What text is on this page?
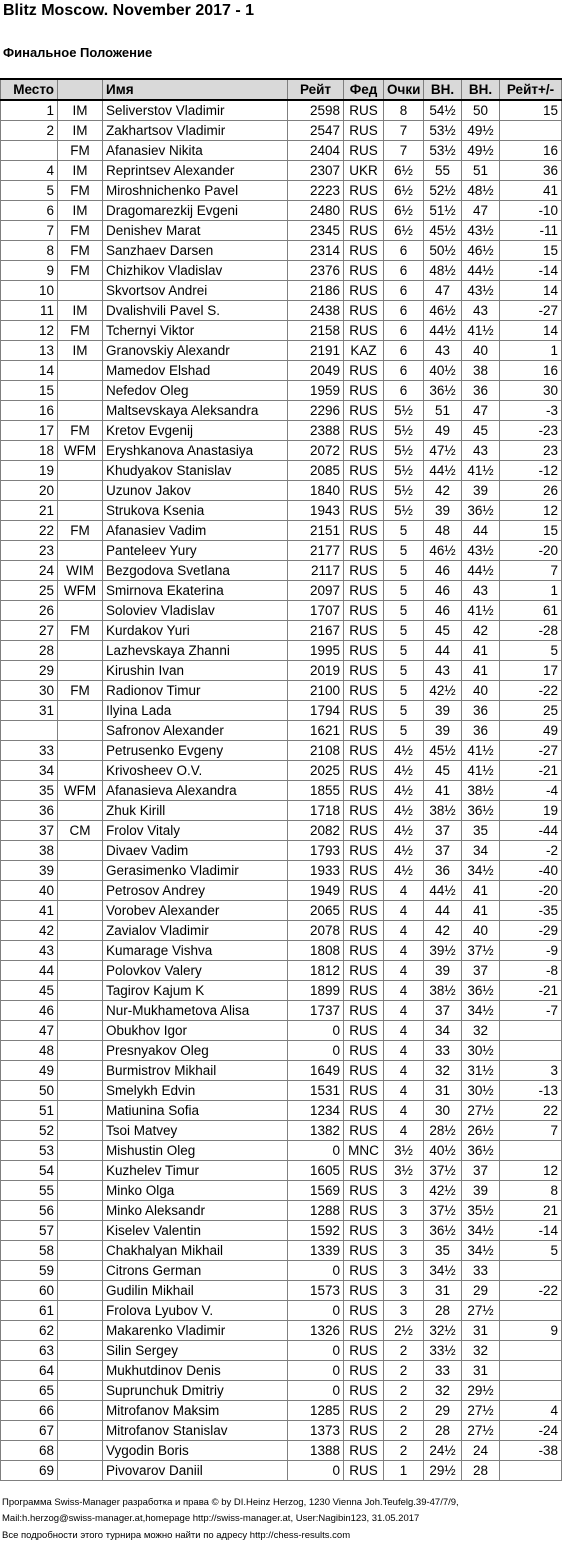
Blitz Moscow. November 2017 - 1
Финальное Положение
Место		Имя	Рейт	Фед	Очки	ВН.	ВН.	Рейт+/-
1	IM	Seliverstov Vladimir	2598	RUS	8	54½	50	15
2	IM	Zakhartsov Vladimir	2547	RUS	7	53½	49½	
	FM	Afanasiev Nikita	2404	RUS	7	53½	49½	16
4	IM	Reprintsev Alexander	2307	UKR	6½	55	51	36
5	FM	Miroshnichenko Pavel	2223	RUS	6½	52½	48½	41
6	IM	Dragomarezkij Evgeni	2480	RUS	6½	51½	47	-10
7	FM	Denishev Marat	2345	RUS	6½	45½	43½	-11
8	FM	Sanzhaev Darsen	2314	RUS	6	50½	46½	15
9	FM	Chizhikov Vladislav	2376	RUS	6	48½	44½	-14
10		Skvortsov Andrei	2186	RUS	6	47	43½	14
11	IM	Dvalishvili Pavel S.	2438	RUS	6	46½	43	-27
12	FM	Tchernyi Viktor	2158	RUS	6	44½	41½	14
13	IM	Granovskiy Alexandr	2191	KAZ	6	43	40	1
14		Mamedov Elshad	2049	RUS	6	40½	38	16
15		Nefedov Oleg	1959	RUS	6	36½	36	30
16		Maltsevskaya Aleksandra	2296	RUS	5½	51	47	-3
17	FM	Kretov Evgenij	2388	RUS	5½	49	45	-23
18	WFM	Eryshkanova Anastasiya	2072	RUS	5½	47½	43	23
19		Khudyakov Stanislav	2085	RUS	5½	44½	41½	-12
20		Uzunov Jakov	1840	RUS	5½	42	39	26
21		Strukova Ksenia	1943	RUS	5½	39	36½	12
22	FM	Afanasiev Vadim	2151	RUS	5	48	44	15
23		Panteleev Yury	2177	RUS	5	46½	43½	-20
24	WIM	Bezgodova Svetlana	2117	RUS	5	46	44½	7
25	WFM	Smirnova Ekaterina	2097	RUS	5	46	43	1
26		Soloviev Vladislav	1707	RUS	5	46	41½	61
27	FM	Kurdakov Yuri	2167	RUS	5	45	42	-28
28		Lazhevskaya Zhanni	1995	RUS	5	44	41	5
29		Kirushin Ivan	2019	RUS	5	43	41	17
30	FM	Radionov Timur	2100	RUS	5	42½	40	-22
31		Ilyina Lada	1794	RUS	5	39	36	25
		Safronov Alexander	1621	RUS	5	39	36	49
33		Petrusenko Evgeny	2108	RUS	4½	45½	41½	-27
34		Krivosheev O.V.	2025	RUS	4½	45	41½	-21
35	WFM	Afanasieva Alexandra	1855	RUS	4½	41	38½	-4
36		Zhuk Kirill	1718	RUS	4½	38½	36½	19
37	CM	Frolov Vitaly	2082	RUS	4½	37	35	-44
38		Divaev Vadim	1793	RUS	4½	37	34	-2
39		Gerasimenko Vladimir	1933	RUS	4½	36	34½	-40
40		Petrosov Andrey	1949	RUS	4	44½	41	-20
41		Vorobev Alexander	2065	RUS	4	44	41	-35
42		Zavialov Vladimir	2078	RUS	4	42	40	-29
43		Kumarage Vishva	1808	RUS	4	39½	37½	-9
44		Polovkov Valery	1812	RUS	4	39	37	-8
45		Tagirov Kajum K	1899	RUS	4	38½	36½	-21
46		Nur-Mukhametova Alisa	1737	RUS	4	37	34½	-7
47		Obukhov Igor	0	RUS	4	34	32	
48		Presnyakov Oleg	0	RUS	4	33	30½	
49		Burmistrov Mikhail	1649	RUS	4	32	31½	3
50		Smelykh Edvin	1531	RUS	4	31	30½	-13
51		Matiunina Sofia	1234	RUS	4	30	27½	22
52		Tsoi Matvey	1382	RUS	4	28½	26½	7
53		Mishustin Oleg	0	MNC	3½	40½	36½	
54		Kuzhelev Timur	1605	RUS	3½	37½	37	12
55		Minko Olga	1569	RUS	3	42½	39	8
56		Minko Aleksandr	1288	RUS	3	37½	35½	21
57		Kiselev Valentin	1592	RUS	3	36½	34½	-14
58		Chakhalyan Mikhail	1339	RUS	3	35	34½	5
59		Citrons German	0	RUS	3	34½	33	
60		Gudilin Mikhail	1573	RUS	3	31	29	-22
61		Frolova Lyubov V.	0	RUS	3	28	27½	
62		Makarenko Vladimir	1326	RUS	2½	32½	31	9
63		Silin Sergey	0	RUS	2	33½	32	
64		Mukhutdinov Denis	0	RUS	2	33	31	
65		Suprunchuk Dmitriy	0	RUS	2	32	29½	
66		Mitrofanov Maksim	1285	RUS	2	29	27½	4
67		Mitrofanov Stanislav	1373	RUS	2	28	27½	-24
68		Vygodin Boris	1388	RUS	2	24½	24	-38
69		Pivovarov Daniil	0	RUS	1	29½	28	
Программа Swiss-Manager разработка и права © by DI.Heinz Herzog, 1230 Vienna Joh.Teufelg.39-47/7/9,
Mail:h.herzog@swiss-manager.at,homepage http://swiss-manager.at, User:Nagibin123, 31.05.2017
Все подробности этого турнира можно найти по адресу http://chess-results.com
